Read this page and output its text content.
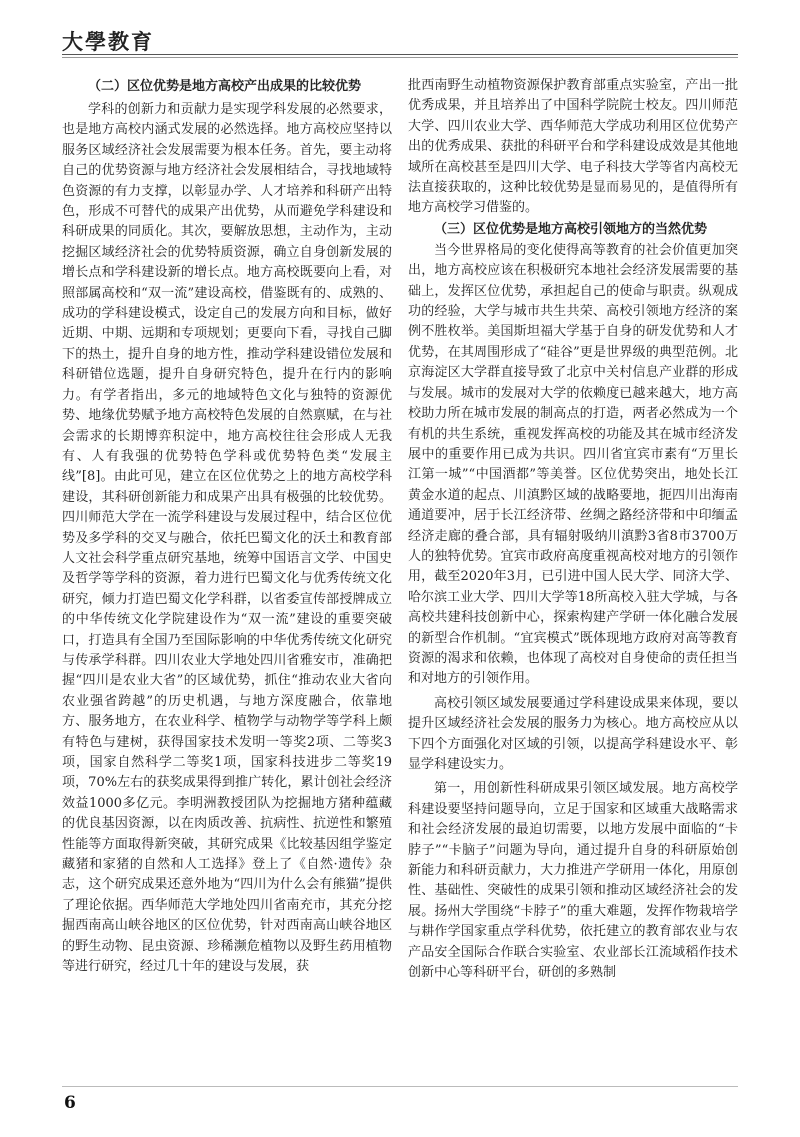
大學教育
（二）区位优势是地方高校产出成果的比较优势

学科的创新力和贡献力是实现学科发展的必然要求，也是地方高校内涵式发展的必然选择。地方高校应坚持以服务区域经济社会发展需要为根本任务。首先，要主动将自己的优势资源与地方经济社会发展相结合，寻找地域特色资源的有力支撑，以彰显办学、人才培养和科研产出特色，形成不可替代的成果产出优势，从而避免学科建设和科研成果的同质化。其次，要解放思想，主动作为，主动挖掘区域经济社会的优势特质资源，确立自身创新发展的增长点和学科建设新的增长点。地方高校既要向上看，对照部属高校和“双一流”建设高校，借鉴既有的、成熟的、成功的学科建设模式，设定自己的发展方向和目标，做好近期、中期、远期和专项规划；更要向下看，寻找自己脚下的热土，提升自身的地方性，推动学科建设错位发展和科研错位选题，提升自身研究特色，提升在行内的影响力。有学者指出，多元的地域特色文化与独特的资源优势、地缘优势赋予地方高校特色发展的自然禀赋，在与社会需求的长期博弈积淀中，地方高校往往会形成人无我有、人有我强的优势特色学科或优势特色类“发展主线”[8]。由此可见，建立在区位优势之上的地方高校学科建设，其科研创新能力和成果产出具有极强的比较优势。四川师范大学在一流学科建设与发展过程中，结合区位优势及多学科的交叉与融合，依托巴蜀文化的沃土和教育部人文社会科学重点研究基地，统筹中国语言文学、中国史及哲学等学科的资源，着力进行巴蜀文化与优秀传统文化研究，倾力打造巴蜀文化学科群，以省委宣传部授牌成立的中华传统文化学院建设作为“双一流”建设的重要突破口，打造具有全国乃至国际影响的中华优秀传统文化研究与传承学科群。四川农业大学地处四川省雅安市，准确把握“四川是农业大省”的区域优势，抓住“推动农业大省向农业强省跨越”的历史机遇，与地方深度融合，依靠地方、服务地方，在农业科学、植物学与动物学等学科上颇有特色与建树，获得国家技术发明一等奖2项、二等奖3项，国家自然科学二等奖1项，国家科技进步二等奖19项，70%左右的获奖成果得到推广转化，累计创社会经济效益1000多亿元。李明洲教授团队为挖掘地方猪种蕴藏的优良基因资源，以在肉质改善、抗病性、抗逆性和繁殖性能等方面取得新突破，其研究成果《比较基因组学鉴定藏猪和家猪的自然和人工选择》登上了《自然·遗传》杂志，这个研究成果还意外地为“四川为什么会有熊猫”提供了理论依据。西华师范大学地处四川省南充市，其充分挖掘西南高山峡谷地区的区位优势，针对西南高山峡谷地区的野生动物、昆虫资源、珍稀濒危植物以及野生药用植物等进行研究，经过几十年的建设与发展，获

批西南野生动植物资源保护教育部重点实验室，产出一批优秀成果，并且培养出了中国科学院院士校友。四川师范大学、四川农业大学、西华师范大学成功利用区位优势产出的优秀成果、获批的科研平台和学科建设成效是其他地域所在高校甚至是四川大学、电子科技大学等省内高校无法直接获取的，这种比较优势是显而易见的，是值得所有地方高校学习借鉴的。

（三）区位优势是地方高校引领地方的当然优势

当今世界格局的变化使得高等教育的社会价值更加突出，地方高校应该在积极研究本地社会经济发展需要的基础上，发挥区位优势，承担起自己的使命与职责。纵观成功的经验，大学与城市共生共荣、高校引领地方经济的案例不胜枚举。美国斯坦福大学基于自身的研发优势和人才优势，在其周围形成了“硅谷”更是世界级的典型范例。北京海淀区大学群直接导致了北京中关村信息产业群的形成与发展。城市的发展对大学的依赖度已越来越大，地方高校助力所在城市发展的制高点的打造，两者必然成为一个有机的共生系统，重视发挥高校的功能及其在城市经济发展中的重要作用已成为共识。四川省宜宾市素有“万里长江第一城”“中国酒都”等美誉。区位优势突出，地处长江黄金水道的起点、川滇黔区域的战略要地，扼四川出海南通道要冲，居于长江经济带、丝绸之路经济带和中印缅孟经济走廊的叠合部，具有辐射吸纳川滇黔3省8市3700万人的独特优势。宜宾市政府高度重视高校对地方的引领作用，截至2020年3月，已引进中国人民大学、同济大学、哈尔滨工业大学、四川大学等18所高校入驻大学城，与各高校共建科技创新中心，探索构建产学研一体化融合发展的新型合作机制。“宜宾模式”既体现地方政府对高等教育资源的渴求和依赖，也体现了高校对自身使命的责任担当和对地方的引领作用。

高校引领区域发展要通过学科建设成果来体现，要以提升区域经济社会发展的服务力为核心。地方高校应从以下四个方面强化对区域的引领，以提高学科建设水平、彰显学科建设实力。

第一，用创新性科研成果引领区域发展。地方高校学科建设要坚持问题导向，立足于国家和区域重大战略需求和社会经济发展的最迫切需要，以地方发展中面临的“卡脖子”“卡脑子”问题为导向，通过提升自身的科研原始创新能力和科研贡献力，大力推进产学研用一体化，用原创性、基础性、突破性的成果引领和推动区域经济社会的发展。扬州大学围绕“卡脖子”的重大难题，发挥作物栽培学与耕作学国家重点学科优势，依托建立的教育部农业与农产品安全国际合作联合实验室、农业部长江流域稻作技术创新中心等科研平台，研创的多熟制

6
